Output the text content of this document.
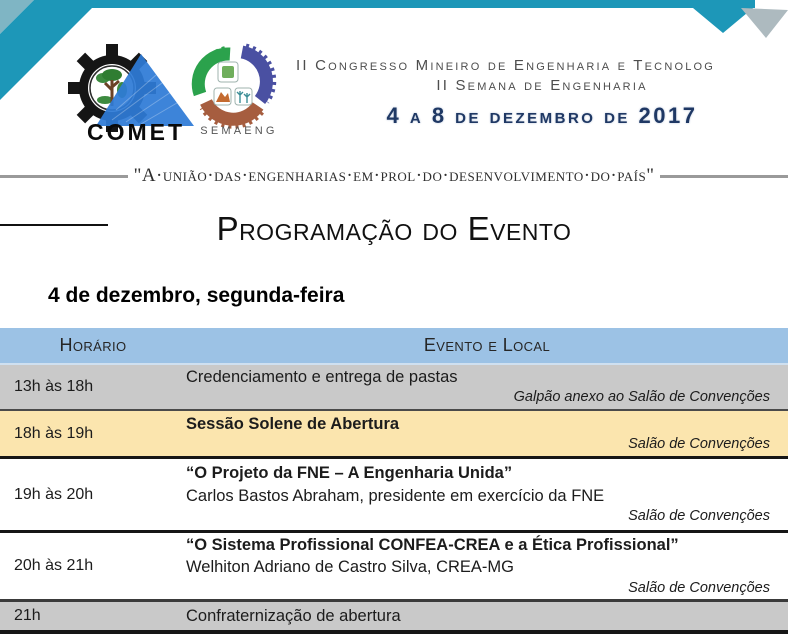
COMET SEMAENG
II Congresso Mineiro de Engenharia e Tecnolog
II Semana de Engenharia
4 a 8 de dezembro de 2017
"A·união·das·engenharias·em·prol·do·desenvolvimento·do·país"
Programação do Evento
4 de dezembro, segunda-feira
Horário	Evento e Local
13h às 18h
Credenciamento e entrega de pastas
Galpão anexo ao Salão de Convenções
18h às 19h
Sessão Solene de Abertura
Salão de Convenções
19h às 20h
“O Projeto da FNE – A Engenharia Unida”
Carlos Bastos Abraham, presidente em exercício da FNE
Salão de Convenções
20h às 21h
“O Sistema Profissional CONFEA-CREA e a Ética Profissional”
Welhiton Adriano de Castro Silva, CREA-MG
Salão de Convenções
21h	Confraternização de abertura
